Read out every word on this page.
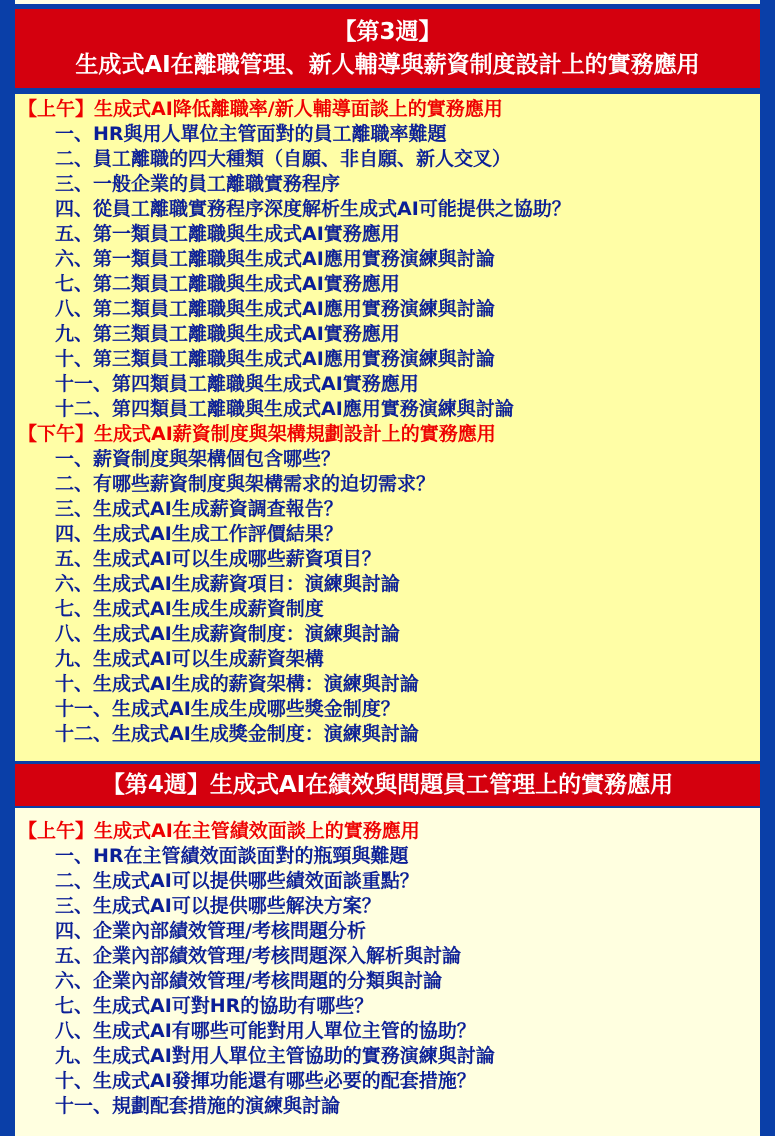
【第3週】
生成式AI在離職管理、新人輔導與薪資制度設計上的實務應用
【上午】生成式AI降低離職率/新人輔導面談上的實務應用
一、HR與用人單位主管面對的員工離職率難題
二、員工離職的四大種類（自願、非自願、新人交叉）
三、一般企業的員工離職實務程序
四、從員工離職實務程序深度解析生成式AI可能提供之協助？
五、第一類員工離職與生成式AI實務應用
六、第一類員工離職與生成式AI應用實務演練與討論
七、第二類員工離職與生成式AI實務應用
八、第二類員工離職與生成式AI應用實務演練與討論
九、第三類員工離職與生成式AI實務應用
十、第三類員工離職與生成式AI應用實務演練與討論
十一、第四類員工離職與生成式AI實務應用
十二、第四類員工離職與生成式AI應用實務演練與討論
【下午】生成式AI薪資制度與架構規劃設計上的實務應用
一、薪資制度與架構個包含哪些？
二、有哪些薪資制度與架構需求的迫切需求？
三、生成式AI生成薪資調查報告？
四、生成式AI生成工作評價結果？
五、生成式AI可以生成哪些薪資項目？
六、生成式AI生成薪資項目：演練與討論
七、生成式AI生成生成薪資制度
八、生成式AI生成薪資制度：演練與討論
九、生成式AI可以生成薪資架構
十、生成式AI生成的薪資架構：演練與討論
十一、生成式AI生成生成哪些獎金制度？
十二、生成式AI生成獎金制度：演練與討論
【第4週】生成式AI在績效與問題員工管理上的實務應用
【上午】生成式AI在主管績效面談上的實務應用
一、HR在主管績效面談面對的瓶頸與難題
二、生成式AI可以提供哪些績效面談重點？
三、生成式AI可以提供哪些解決方案？
四、企業內部績效管理/考核問題分析
五、企業內部績效管理/考核問題深入解析與討論
六、企業內部績效管理/考核問題的分類與討論
七、生成式AI可對HR的協助有哪些？
八、生成式AI有哪些可能對用人單位主管的協助？
九、生成式AI對用人單位主管協助的實務演練與討論
十、生成式AI發揮功能還有哪些必要的配套措施？
十一、規劃配套措施的演練與討論
